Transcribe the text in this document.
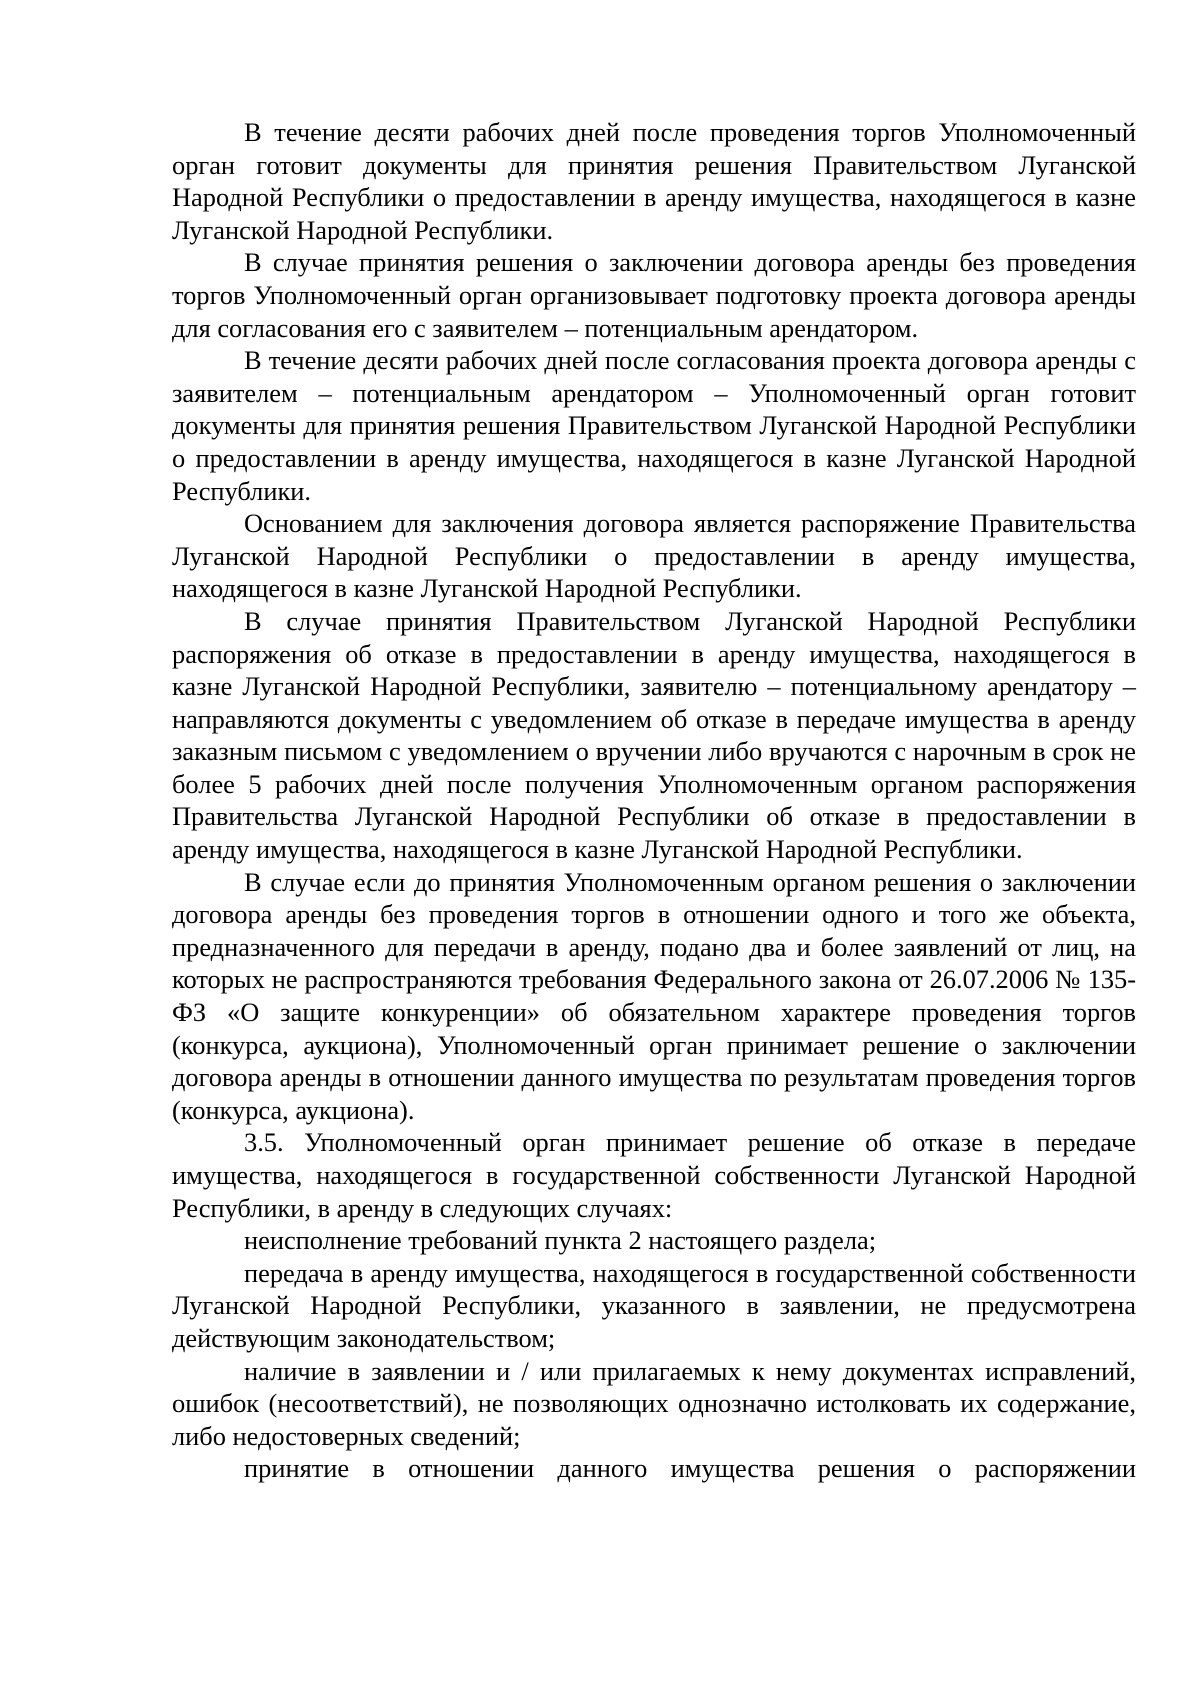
В течение десяти рабочих дней после проведения торгов Уполномоченный орган готовит документы для принятия решения Правительством Луганской Народной Республики о предоставлении в аренду имущества, находящегося в казне Луганской Народной Республики.

В случае принятия решения о заключении договора аренды без проведения торгов Уполномоченный орган организовывает подготовку проекта договора аренды для согласования его с заявителем – потенциальным арендатором.

В течение десяти рабочих дней после согласования проекта договора аренды с заявителем – потенциальным арендатором – Уполномоченный орган готовит документы для принятия решения Правительством Луганской Народной Республики о предоставлении в аренду имущества, находящегося в казне Луганской Народной Республики.

Основанием для заключения договора является распоряжение Правительства Луганской Народной Республики о предоставлении в аренду имущества, находящегося в казне Луганской Народной Республики.

В случае принятия Правительством Луганской Народной Республики распоряжения об отказе в предоставлении в аренду имущества, находящегося в казне Луганской Народной Республики, заявителю – потенциальному арендатору – направляются документы с уведомлением об отказе в передаче имущества в аренду заказным письмом с уведомлением о вручении либо вручаются с нарочным в срок не более 5 рабочих дней после получения Уполномоченным органом распоряжения Правительства Луганской Народной Республики об отказе в предоставлении в аренду имущества, находящегося в казне Луганской Народной Республики.

В случае если до принятия Уполномоченным органом решения о заключении договора аренды без проведения торгов в отношении одного и того же объекта, предназначенного для передачи в аренду, подано два и более заявлений от лиц, на которых не распространяются требования Федерального закона от 26.07.2006 № 135-ФЗ «О защите конкуренции» об обязательном характере проведения торгов (конкурса, аукциона), Уполномоченный орган принимает решение о заключении договора аренды в отношении данного имущества по результатам проведения торгов (конкурса, аукциона).

3.5. Уполномоченный орган принимает решение об отказе в передаче имущества, находящегося в государственной собственности Луганской Народной Республики, в аренду в следующих случаях:

неисполнение требований пункта 2 настоящего раздела;

передача в аренду имущества, находящегося в государственной собственности Луганской Народной Республики, указанного в заявлении, не предусмотрена действующим законодательством;

наличие в заявлении и / или прилагаемых к нему документах исправлений, ошибок (несоответствий), не позволяющих однозначно истолковать их содержание, либо недостоверных сведений;

принятие в отношении данного имущества решения о распоряжении
